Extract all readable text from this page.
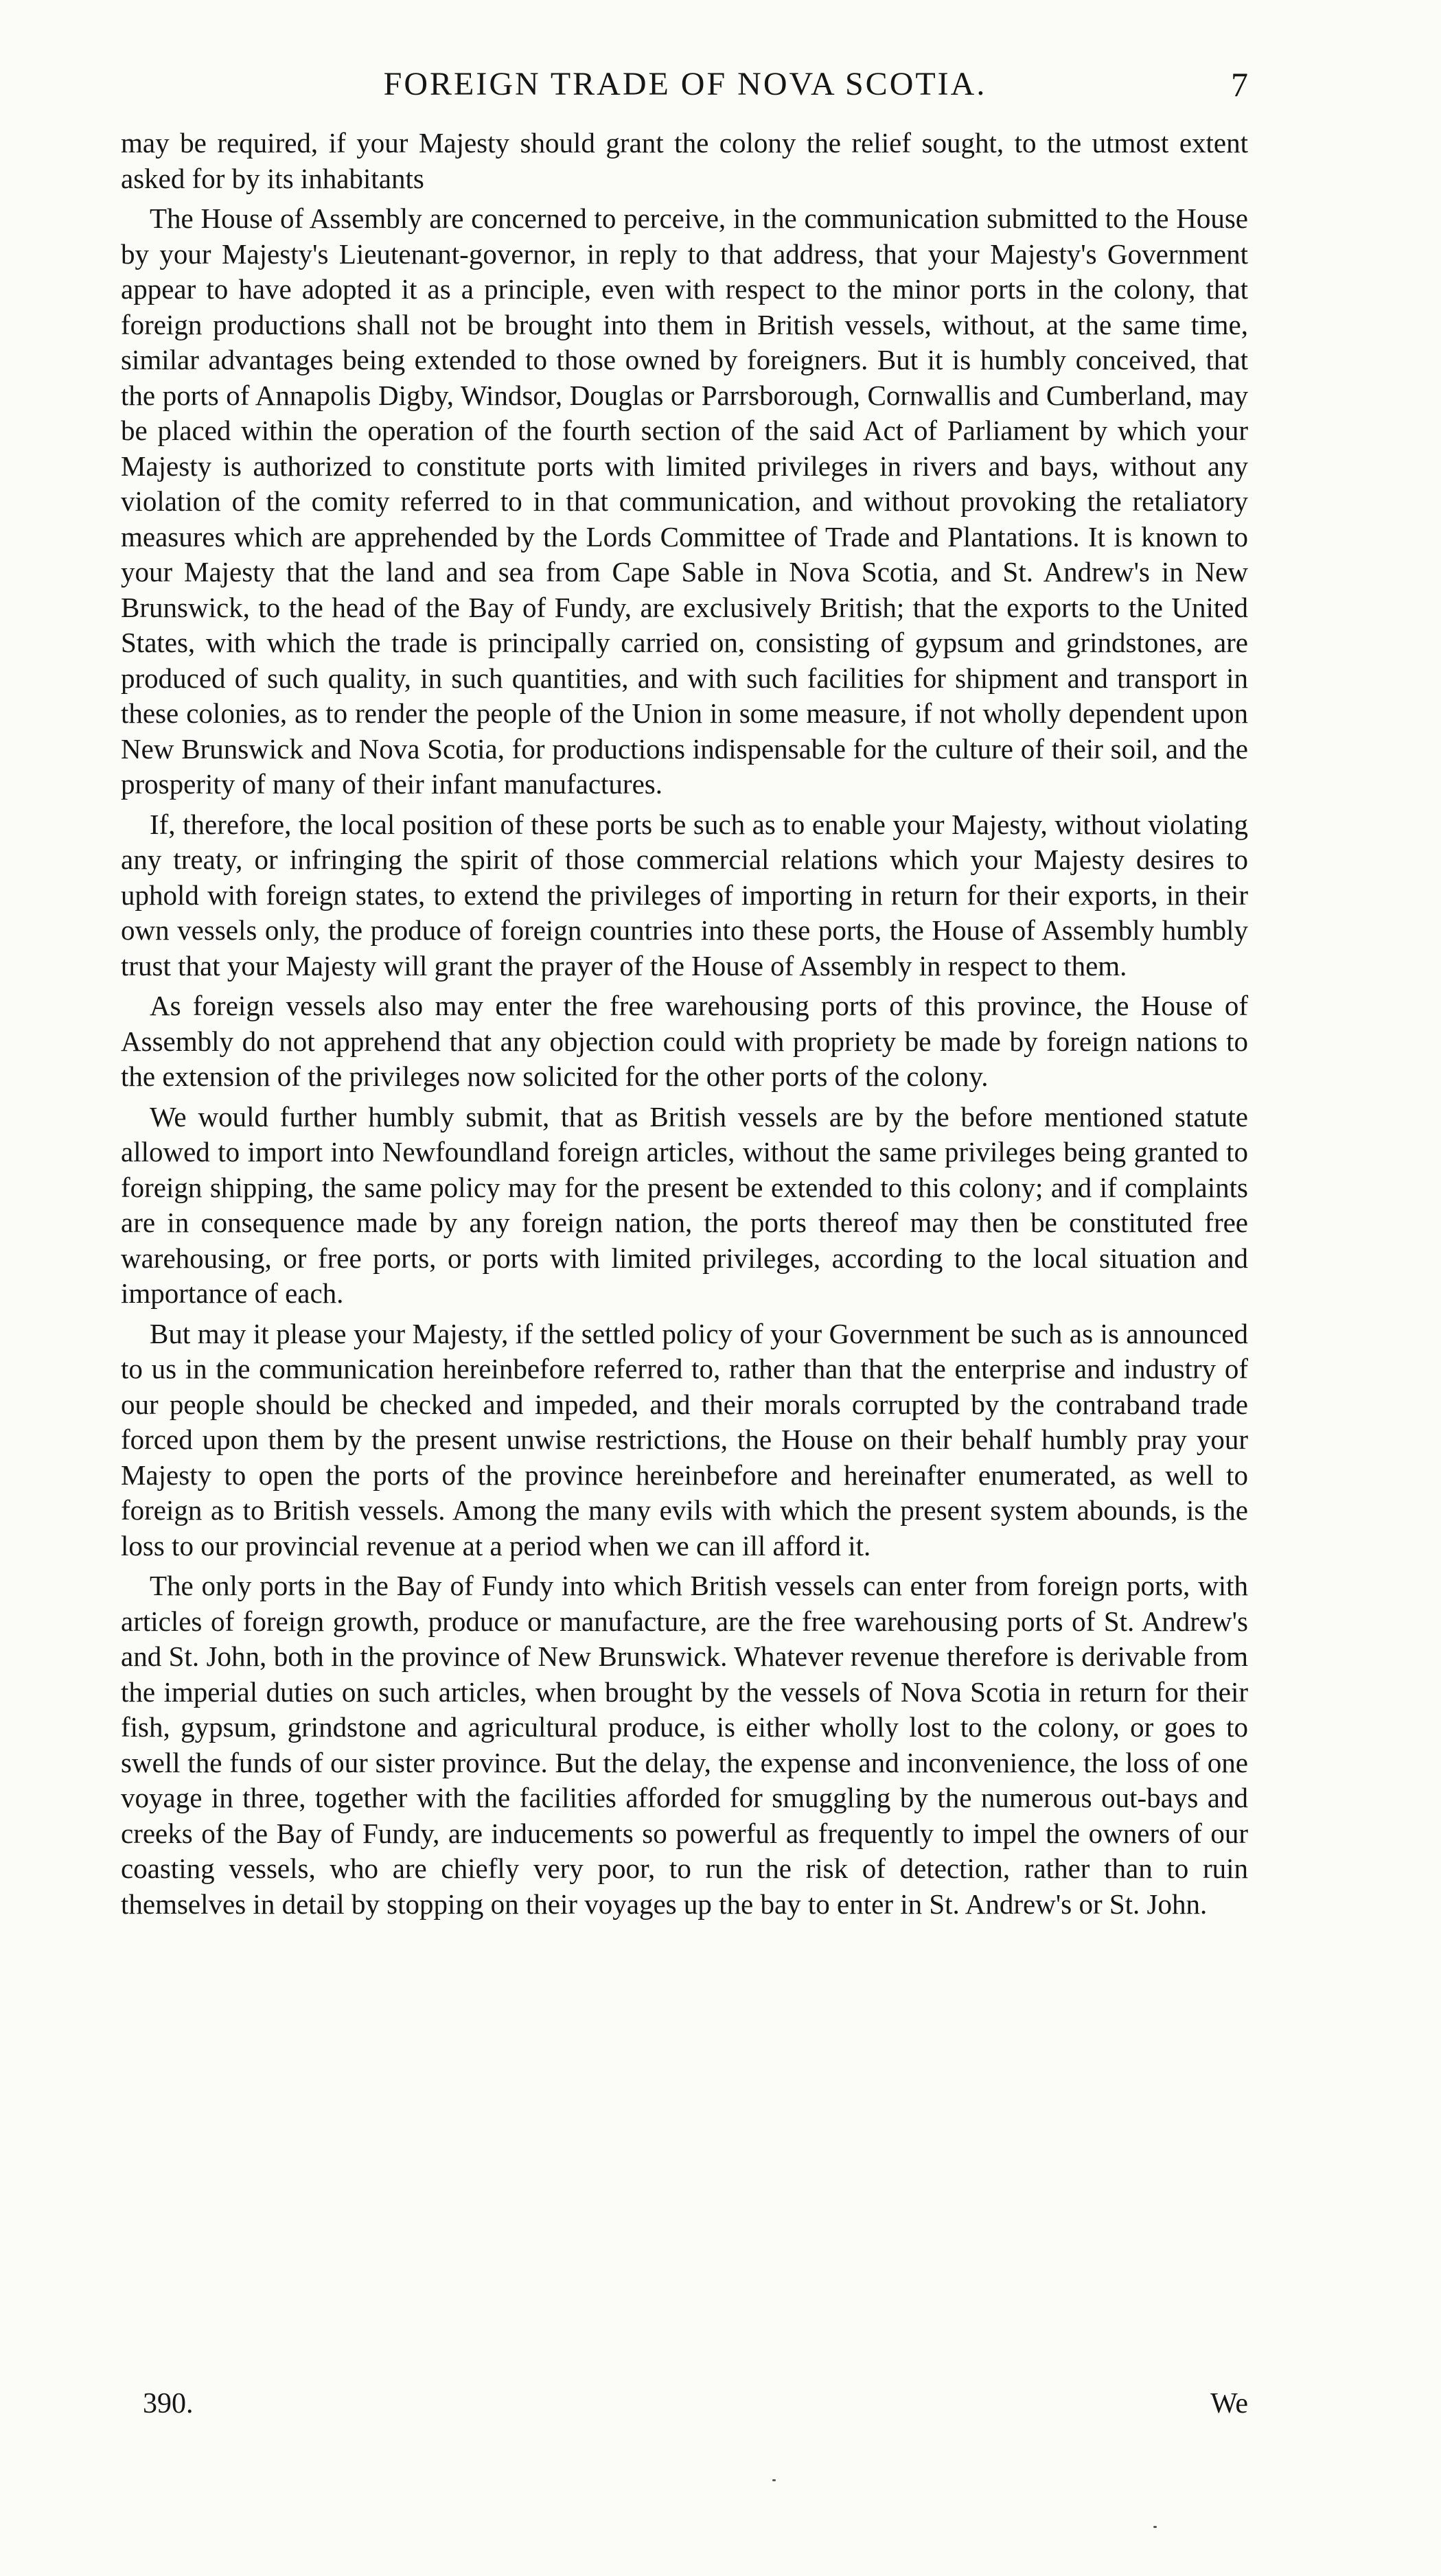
FOREIGN TRADE OF NOVA SCOTIA.	7

may be required, if your Majesty should grant the colony the relief sought, to the utmost extent asked for by its inhabitants

The House of Assembly are concerned to perceive, in the communication submitted to the House by your Majesty's Lieutenant-governor, in reply to that address, that your Majesty's Government appear to have adopted it as a principle, even with respect to the minor ports in the colony, that foreign productions shall not be brought into them in British vessels, without, at the same time, similar advantages being extended to those owned by foreigners. But it is humbly conceived, that the ports of Annapolis Digby, Windsor, Douglas or Parrsborough, Cornwallis and Cumberland, may be placed within the operation of the fourth section of the said Act of Parliament by which your Majesty is authorized to constitute ports with limited privileges in rivers and bays, without any violation of the comity referred to in that communication, and without provoking the retaliatory measures which are apprehended by the Lords Committee of Trade and Plantations. It is known to your Majesty that the land and sea from Cape Sable in Nova Scotia, and St. Andrew's in New Brunswick, to the head of the Bay of Fundy, are exclusively British; that the exports to the United States, with which the trade is principally carried on, consisting of gypsum and grindstones, are produced of such quality, in such quantities, and with such facilities for shipment and transport in these colonies, as to render the people of the Union in some measure, if not wholly dependent upon New Brunswick and Nova Scotia, for productions indispensable for the culture of their soil, and the prosperity of many of their infant manufactures.

If, therefore, the local position of these ports be such as to enable your Majesty, without violating any treaty, or infringing the spirit of those commercial relations which your Majesty desires to uphold with foreign states, to extend the privileges of importing in return for their exports, in their own vessels only, the produce of foreign countries into these ports, the House of Assembly humbly trust that your Majesty will grant the prayer of the House of Assembly in respect to them.

As foreign vessels also may enter the free warehousing ports of this province, the House of Assembly do not apprehend that any objection could with propriety be made by foreign nations to the extension of the privileges now solicited for the other ports of the colony.

We would further humbly submit, that as British vessels are by the before mentioned statute allowed to import into Newfoundland foreign articles, without the same privileges being granted to foreign shipping, the same policy may for the present be extended to this colony; and if complaints are in consequence made by any foreign nation, the ports thereof may then be constituted free warehousing, or free ports, or ports with limited privileges, according to the local situation and importance of each.

But may it please your Majesty, if the settled policy of your Government be such as is announced to us in the communication hereinbefore referred to, rather than that the enterprise and industry of our people should be checked and impeded, and their morals corrupted by the contraband trade forced upon them by the present unwise restrictions, the House on their behalf humbly pray your Majesty to open the ports of the province hereinbefore and hereinafter enumerated, as well to foreign as to British vessels. Among the many evils with which the present system abounds, is the loss to our provincial revenue at a period when we can ill afford it.

The only ports in the Bay of Fundy into which British vessels can enter from foreign ports, with articles of foreign growth, produce or manufacture, are the free warehousing ports of St. Andrew's and St. John, both in the province of New Brunswick. Whatever revenue therefore is derivable from the imperial duties on such articles, when brought by the vessels of Nova Scotia in return for their fish, gypsum, grindstone and agricultural produce, is either wholly lost to the colony, or goes to swell the funds of our sister province. But the delay, the expense and inconvenience, the loss of one voyage in three, together with the facilities afforded for smuggling by the numerous out-bays and creeks of the Bay of Fundy, are inducements so powerful as frequently to impel the owners of our coasting vessels, who are chiefly very poor, to run the risk of detection, rather than to ruin themselves in detail by stopping on their voyages up the bay to enter in St. Andrew's or St. John.

390.	We
